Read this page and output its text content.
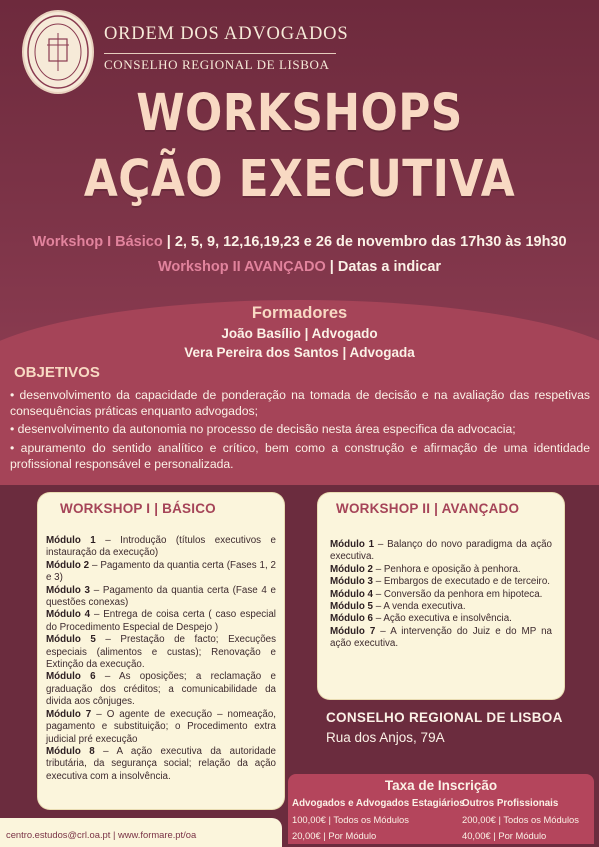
ORDEM DOS ADVOGADOS
CONSELHO REGIONAL DE LISBOA
WORKSHOPS
AÇÃO EXECUTIVA
Workshop I Básico | 2, 5, 9, 12,16,19,23 e 26 de novembro das 17h30 às 19h30
Workshop II AVANÇADO | Datas a indicar
Formadores
João Basílio | Advogado
Vera Pereira dos Santos | Advogada
OBJETIVOS
• desenvolvimento da capacidade de ponderação na tomada de decisão e na avaliação das respetivas consequências práticas enquanto advogados;
• desenvolvimento da autonomia no processo de decisão nesta área especifica da advocacia;
• apuramento do sentido analítico e crítico, bem como a construção e afirmação de uma identidade profissional responsável e personalizada.
WORKSHOP I | BÁSICO
Módulo 1 – Introdução (títulos executivos e instauração da execução)
Módulo 2 – Pagamento da quantia certa (Fases 1, 2 e 3)
Módulo 3 – Pagamento da quantia certa (Fase 4 e questões conexas)
Módulo 4 – Entrega de coisa certa ( caso especial do Procedimento Especial de Despejo )
Módulo 5 – Prestação de facto; Execuções especiais (alimentos e custas); Renovação e Extinção da execução.
Módulo 6 – As oposições; a reclamação e graduação dos créditos; a comunicabilidade da divida aos cônjuges.
Módulo 7 – O agente de execução – nomeação, pagamento e substituição; o Procedimento extra judicial pré execução
Módulo 8 – A ação executiva da autoridade tributária, da segurança social; relação da ação executiva com a insolvência.
WORKSHOP II | AVANÇADO
Módulo 1 – Balanço do novo paradigma da ação executiva.
Módulo 2 – Penhora e oposição à penhora.
Módulo 3 – Embargos de executado e de terceiro.
Módulo 4 – Conversão da penhora em hipoteca.
Módulo 5 – A venda executiva.
Módulo 6 – Ação executiva e insolvência.
Módulo 7 – A intervenção do Juiz e do MP na ação executiva.
CONSELHO REGIONAL DE LISBOA
Rua dos Anjos, 79A
Taxa de Inscrição
Advogados e Advogados Estagiários
Outros Profissionais
100,00€ | Todos os Módulos
20,00€ | Por Módulo
200,00€ | Todos os Módulos
40,00€ | Por Módulo
centro.estudos@crl.oa.pt | www.formare.pt/oa
